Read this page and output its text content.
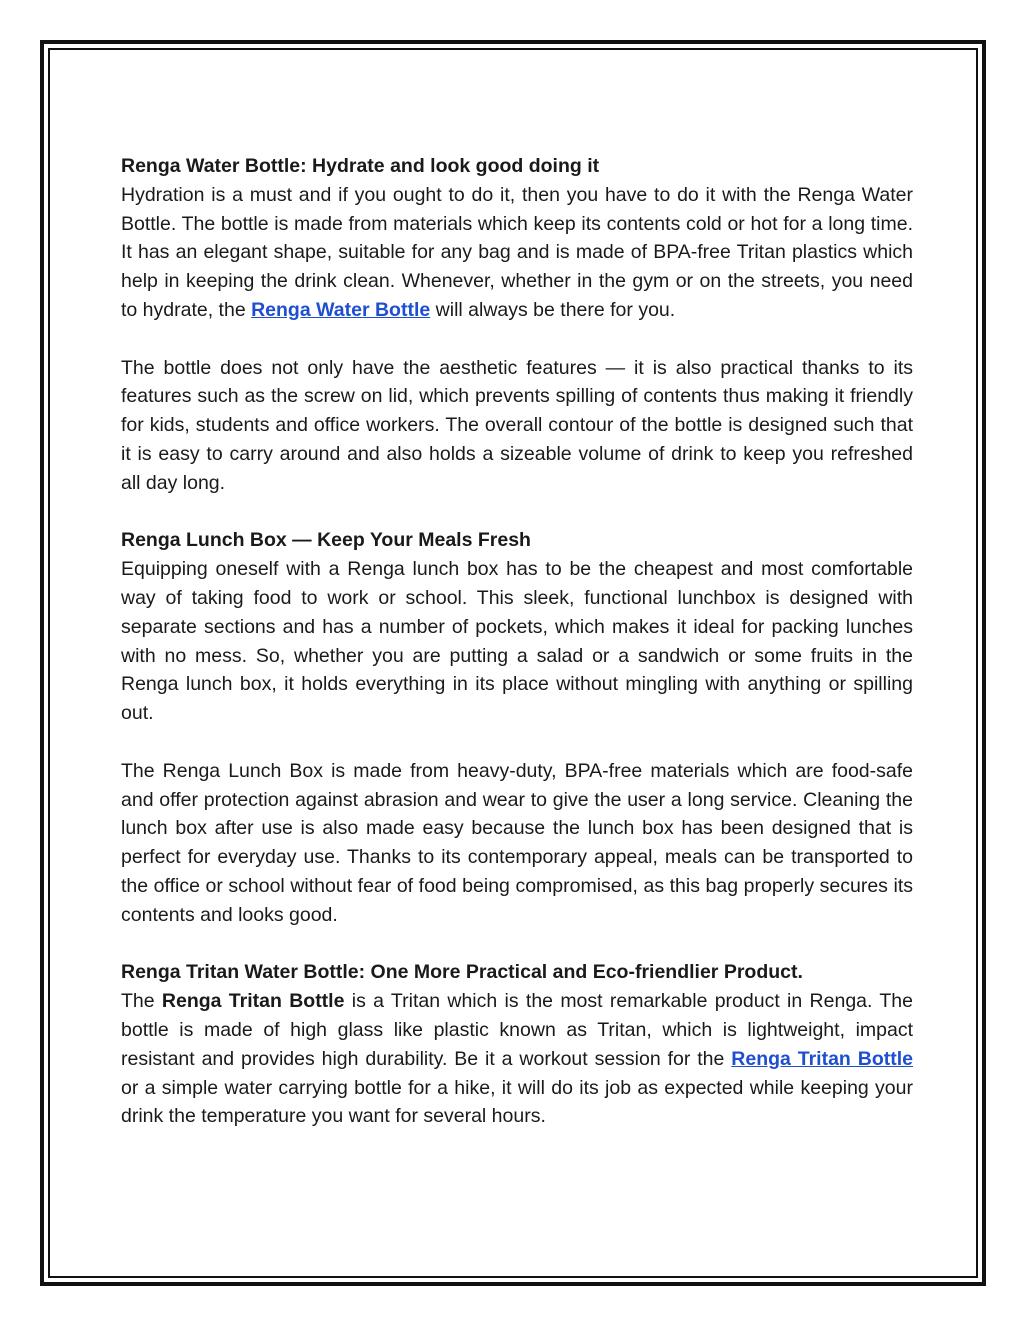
Renga Water Bottle: Hydrate and look good doing it

Hydration is a must and if you ought to do it, then you have to do it with the Renga Water Bottle. The bottle is made from materials which keep its contents cold or hot for a long time. It has an elegant shape, suitable for any bag and is made of BPA-free Tritan plastics which help in keeping the drink clean. Whenever, whether in the gym or on the streets, you need to hydrate, the Renga Water Bottle will always be there for you.

The bottle does not only have the aesthetic features — it is also practical thanks to its features such as the screw on lid, which prevents spilling of contents thus making it friendly for kids, students and office workers. The overall contour of the bottle is designed such that it is easy to carry around and also holds a sizeable volume of drink to keep you refreshed all day long.

Renga Lunch Box — Keep Your Meals Fresh

Equipping oneself with a Renga lunch box has to be the cheapest and most comfortable way of taking food to work or school. This sleek, functional lunchbox is designed with separate sections and has a number of pockets, which makes it ideal for packing lunches with no mess. So, whether you are putting a salad or a sandwich or some fruits in the Renga lunch box, it holds everything in its place without mingling with anything or spilling out.

The Renga Lunch Box is made from heavy-duty, BPA-free materials which are food-safe and offer protection against abrasion and wear to give the user a long service. Cleaning the lunch box after use is also made easy because the lunch box has been designed that is perfect for everyday use. Thanks to its contemporary appeal, meals can be transported to the office or school without fear of food being compromised, as this bag properly secures its contents and looks good.

Renga Tritan Water Bottle: One More Practical and Eco-friendlier Product.

The Renga Tritan Bottle is a Tritan which is the most remarkable product in Renga. The bottle is made of high glass like plastic known as Tritan, which is lightweight, impact resistant and provides high durability. Be it a workout session for the Renga Tritan Bottle or a simple water carrying bottle for a hike, it will do its job as expected while keeping your drink the temperature you want for several hours.
